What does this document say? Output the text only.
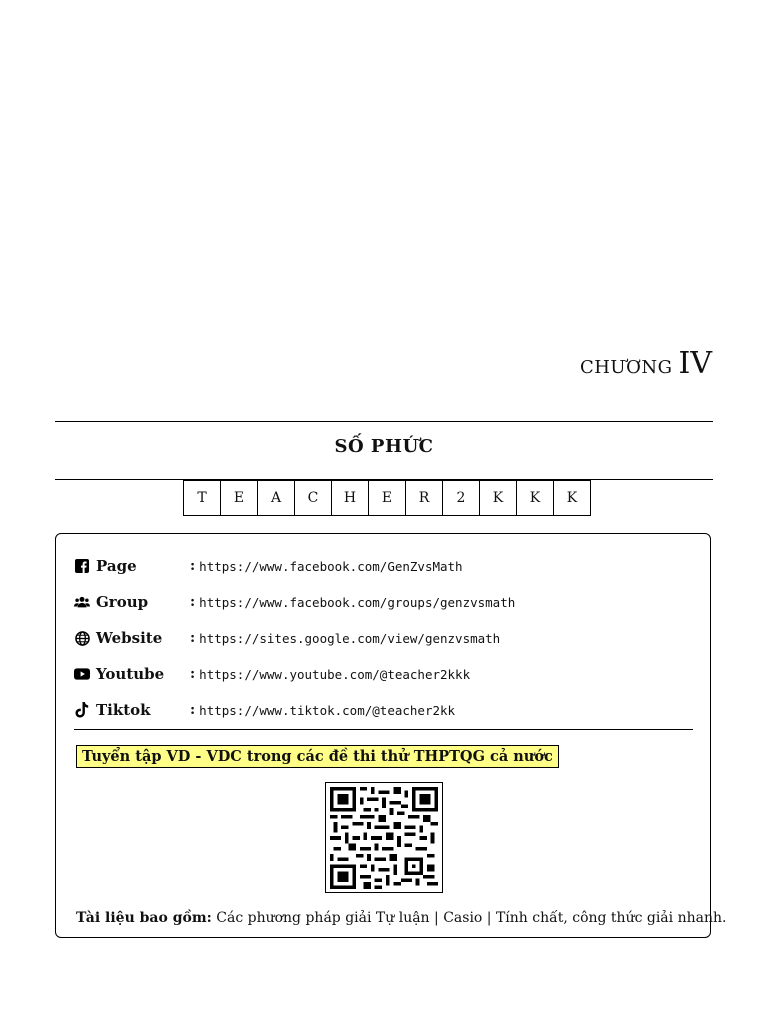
CHƯƠNG IV
SỐ PHỨC
T	E	A	C	H	E	R	2	K	K	K
Page	: https://www.facebook.com/GenZvsMath
Group	: https://www.facebook.com/groups/genzvsmath
Website	: https://sites.google.com/view/genzvsmath
Youtube	: https://www.youtube.com/@teacher2kkk
Tiktok	: https://www.tiktok.com/@teacher2kk
Tuyển tập VD - VDC trong các đề thi thử THPTQG cả nước
Tài liệu bao gồm: Các phương pháp giải Tự luận | Casio | Tính chất, công thức giải nhanh.
